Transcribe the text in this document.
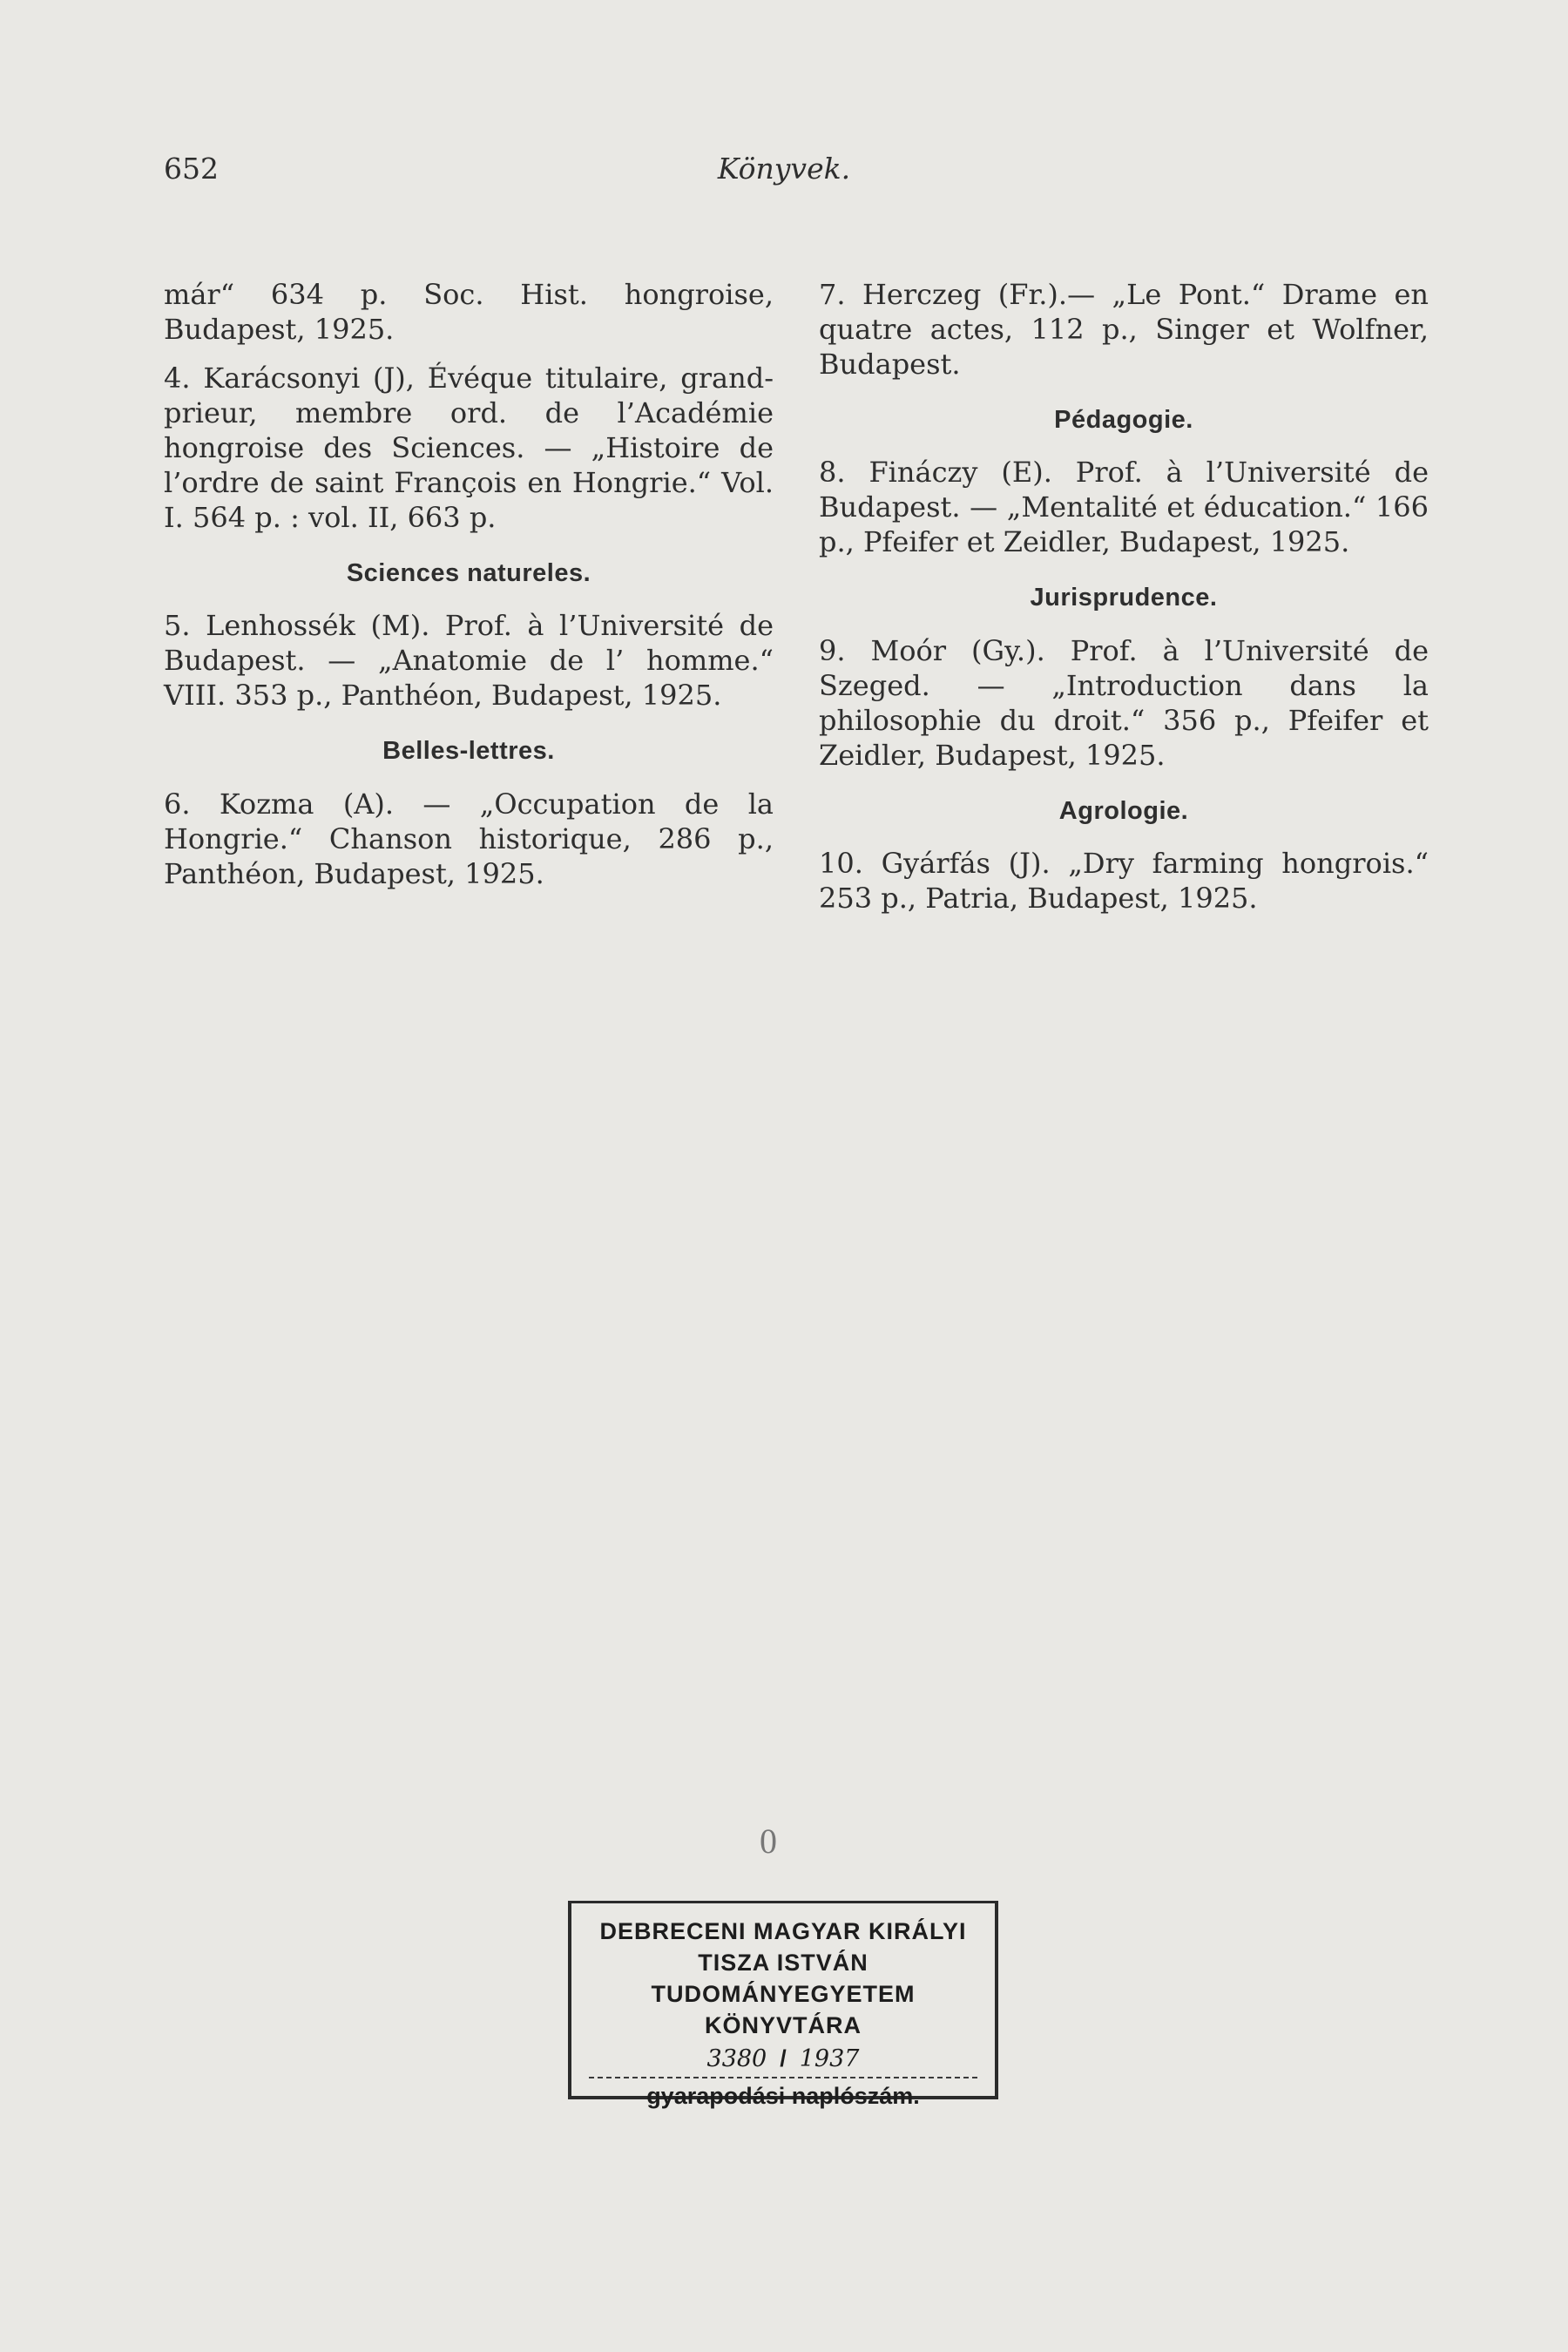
652	Könyvek.

már“ 634 p. Soc. Hist. hongroise, Budapest, 1925.

4. Karácsonyi (J), Évéque titulaire, grand-prieur, membre ord. de l’Académie hongroise des Sciences. — „Histoire de l’ordre de saint François en Hongrie.“ Vol. I. 564 p. : vol. II, 663 p.

Sciences natureles.

5. Lenhossék (M). Prof. à l’Université de Budapest. — „Anatomie de l’ homme.“ VIII. 353 p., Panthéon, Budapest, 1925.

Belles-lettres.

6. Kozma (A). — „Occupation de la Hongrie.“ Chanson historique, 286 p., Panthéon, Budapest, 1925.

7. Herczeg (Fr.).— „Le Pont.“ Drame en quatre actes, 112 p., Singer et Wolfner, Budapest.

Pédagogie.

8. Fináczy (E). Prof. à l’Université de Budapest. — „Mentalité et éducation.“ 166 p., Pfeifer et Zeidler, Budapest, 1925.

Jurisprudence.

9. Moór (Gy.). Prof. à l’Université de Szeged. — „Introduction dans la philosophie du droit.“ 356 p., Pfeifer et Zeidler, Budapest, 1925.

Agrologie.

10. Gyárfás (J). „Dry farming hongrois.“ 253 p., Patria, Budapest, 1925.

0
DEBRECENI MAGYAR KIRÁLYI
TISZA ISTVÁN TUDOMÁNYEGYETEM
KÖNYVTÁRA
3380  /  1937
gyarapodási naplószám.
